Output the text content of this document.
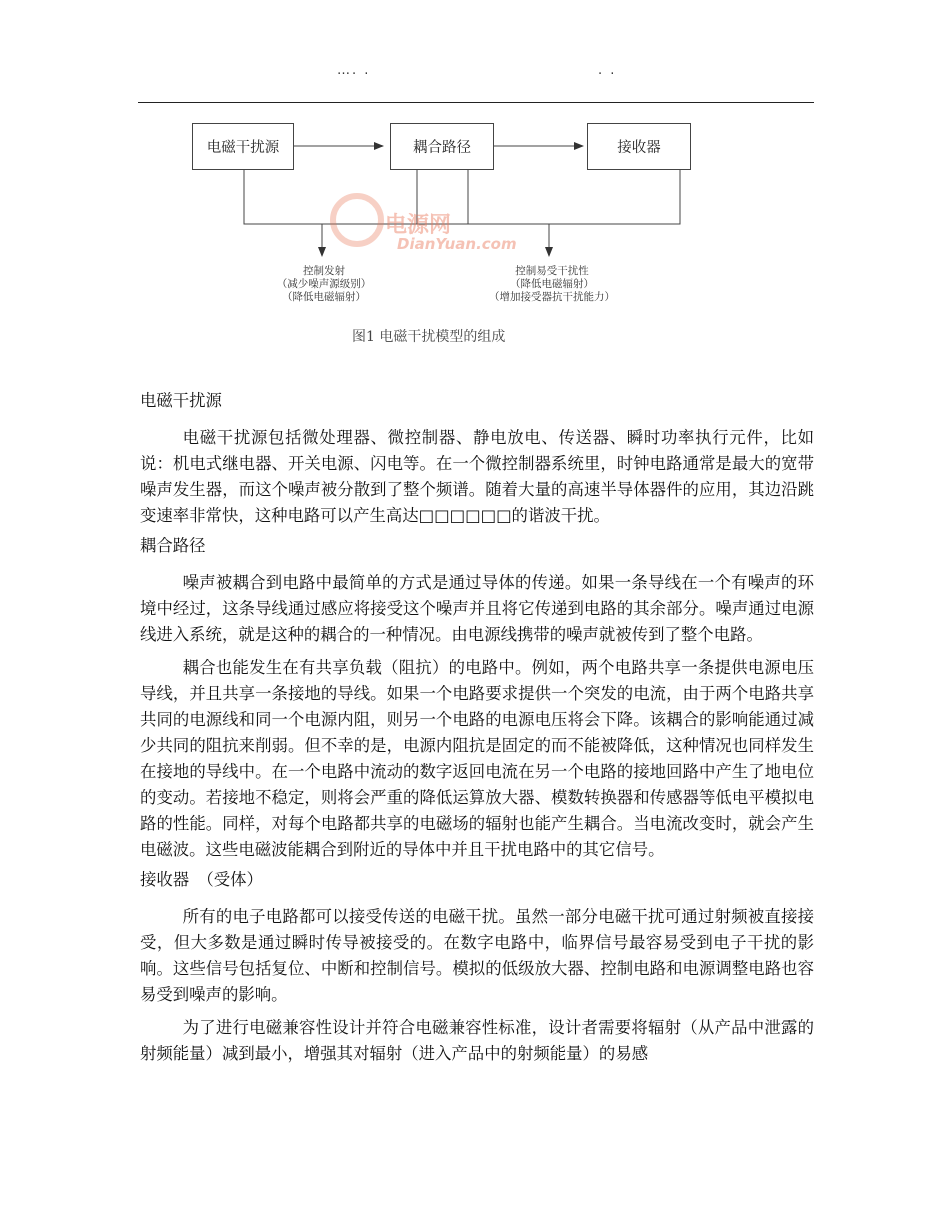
…. .	. .
电磁干扰源	耦合路径	接收器
电源网
DianYuan.com
控制发射
（减少噪声源级别）
（降低电磁辐射）
控制易受干扰性
（降低电磁辐射）
（增加接受器抗干扰能力）
图1 电磁干扰模型的组成
电磁干扰源

电磁干扰源包括微处理器、微控制器、静电放电、传送器、瞬时功率执行元件，比如说：机电式继电器、开关电源、闪电等。在一个微控制器系统里，时钟电路通常是最大的宽带噪声发生器，而这个噪声被分散到了整个频谱。随着大量的高速半导体器件的应用，其边沿跳变速率非常快，这种电路可以产生高达□□□□□□的谐波干扰。

耦合路径

噪声被耦合到电路中最简单的方式是通过导体的传递。如果一条导线在一个有噪声的环境中经过，这条导线通过感应将接受这个噪声并且将它传递到电路的其余部分。噪声通过电源线进入系统，就是这种的耦合的一种情况。由电源线携带的噪声就被传到了整个电路。

耦合也能发生在有共享负载（阻抗）的电路中。例如，两个电路共享一条提供电源电压导线，并且共享一条接地的导线。如果一个电路要求提供一个突发的电流，由于两个电路共享共同的电源线和同一个电源内阻，则另一个电路的电源电压将会下降。该耦合的影响能通过减少共同的阻抗来削弱。但不幸的是，电源内阻抗是固定的而不能被降低，这种情况也同样发生在接地的导线中。在一个电路中流动的数字返回电流在另一个电路的接地回路中产生了地电位的变动。若接地不稳定，则将会严重的降低运算放大器、模数转换器和传感器等低电平模拟电路的性能。同样，对每个电路都共享的电磁场的辐射也能产生耦合。当电流改变时，就会产生电磁波。这些电磁波能耦合到附近的导体中并且干扰电路中的其它信号。

接收器　（受体）

所有的电子电路都可以接受传送的电磁干扰。虽然一部分电磁干扰可通过射频被直接接受，但大多数是通过瞬时传导被接受的。在数字电路中，临界信号最容易受到电子干扰的影响。这些信号包括复位、中断和控制信号。模拟的低级放大器、控制电路和电源调整电路也容易受到噪声的影响。

为了进行电磁兼容性设计并符合电磁兼容性标准，设计者需要将辐射（从产品中泄露的射频能量）减到最小，增强其对辐射（进入产品中的射频能量）的易感
